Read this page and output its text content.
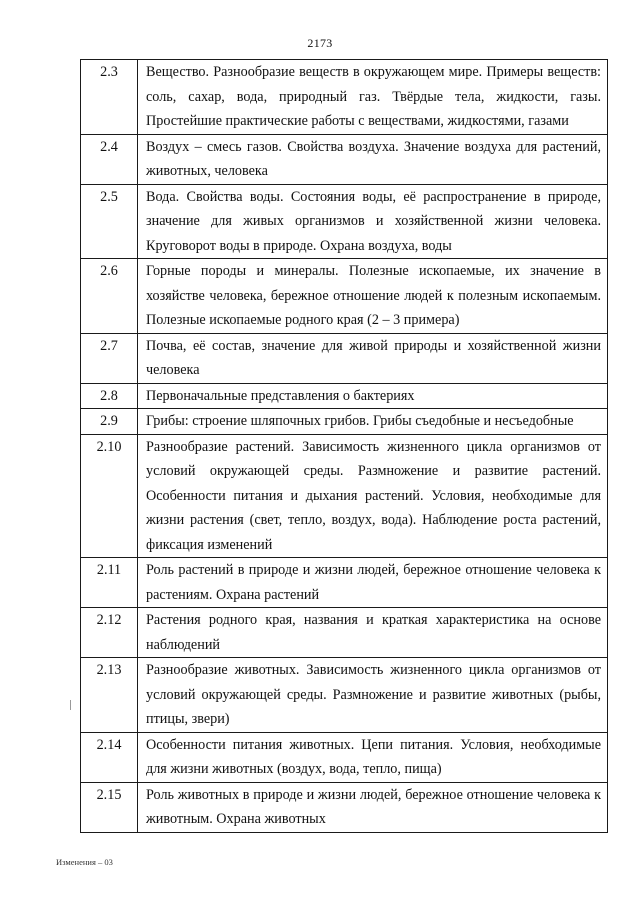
2173
2.3	Вещество. Разнообразие веществ в окружающем мире. Примеры веществ: соль, сахар, вода, природный газ. Твёрдые тела, жидкости, газы. Простейшие практические работы с веществами, жидкостями, газами
2.4	Воздух – смесь газов. Свойства воздуха. Значение воздуха для растений, животных, человека
2.5	Вода. Свойства воды. Состояния воды, её распространение в природе, значение для живых организмов и хозяйственной жизни человека. Круговорот воды в природе. Охрана воздуха, воды
2.6	Горные породы и минералы. Полезные ископаемые, их значение в хозяйстве человека, бережное отношение людей к полезным ископаемым. Полезные ископаемые родного края (2 – 3 примера)
2.7	Почва, её состав, значение для живой природы и хозяйственной жизни человека
2.8	Первоначальные представления о бактериях
2.9	Грибы: строение шляпочных грибов. Грибы съедобные и несъедобные
2.10	Разнообразие растений. Зависимость жизненного цикла организмов от условий окружающей среды. Размножение и развитие растений. Особенности питания и дыхания растений. Условия, необходимые для жизни растения (свет, тепло, воздух, вода). Наблюдение роста растений, фиксация изменений
2.11	Роль растений в природе и жизни людей, бережное отношение человека к растениям. Охрана растений
2.12	Растения родного края, названия и краткая характеристика на основе наблюдений
2.13	Разнообразие животных. Зависимость жизненного цикла организмов от условий окружающей среды. Размножение и развитие животных (рыбы, птицы, звери)
2.14	Особенности питания животных. Цепи питания. Условия, необходимые для жизни животных (воздух, вода, тепло, пища)
2.15	Роль животных в природе и жизни людей, бережное отношение человека к животным. Охрана животных
Изменения – 03
